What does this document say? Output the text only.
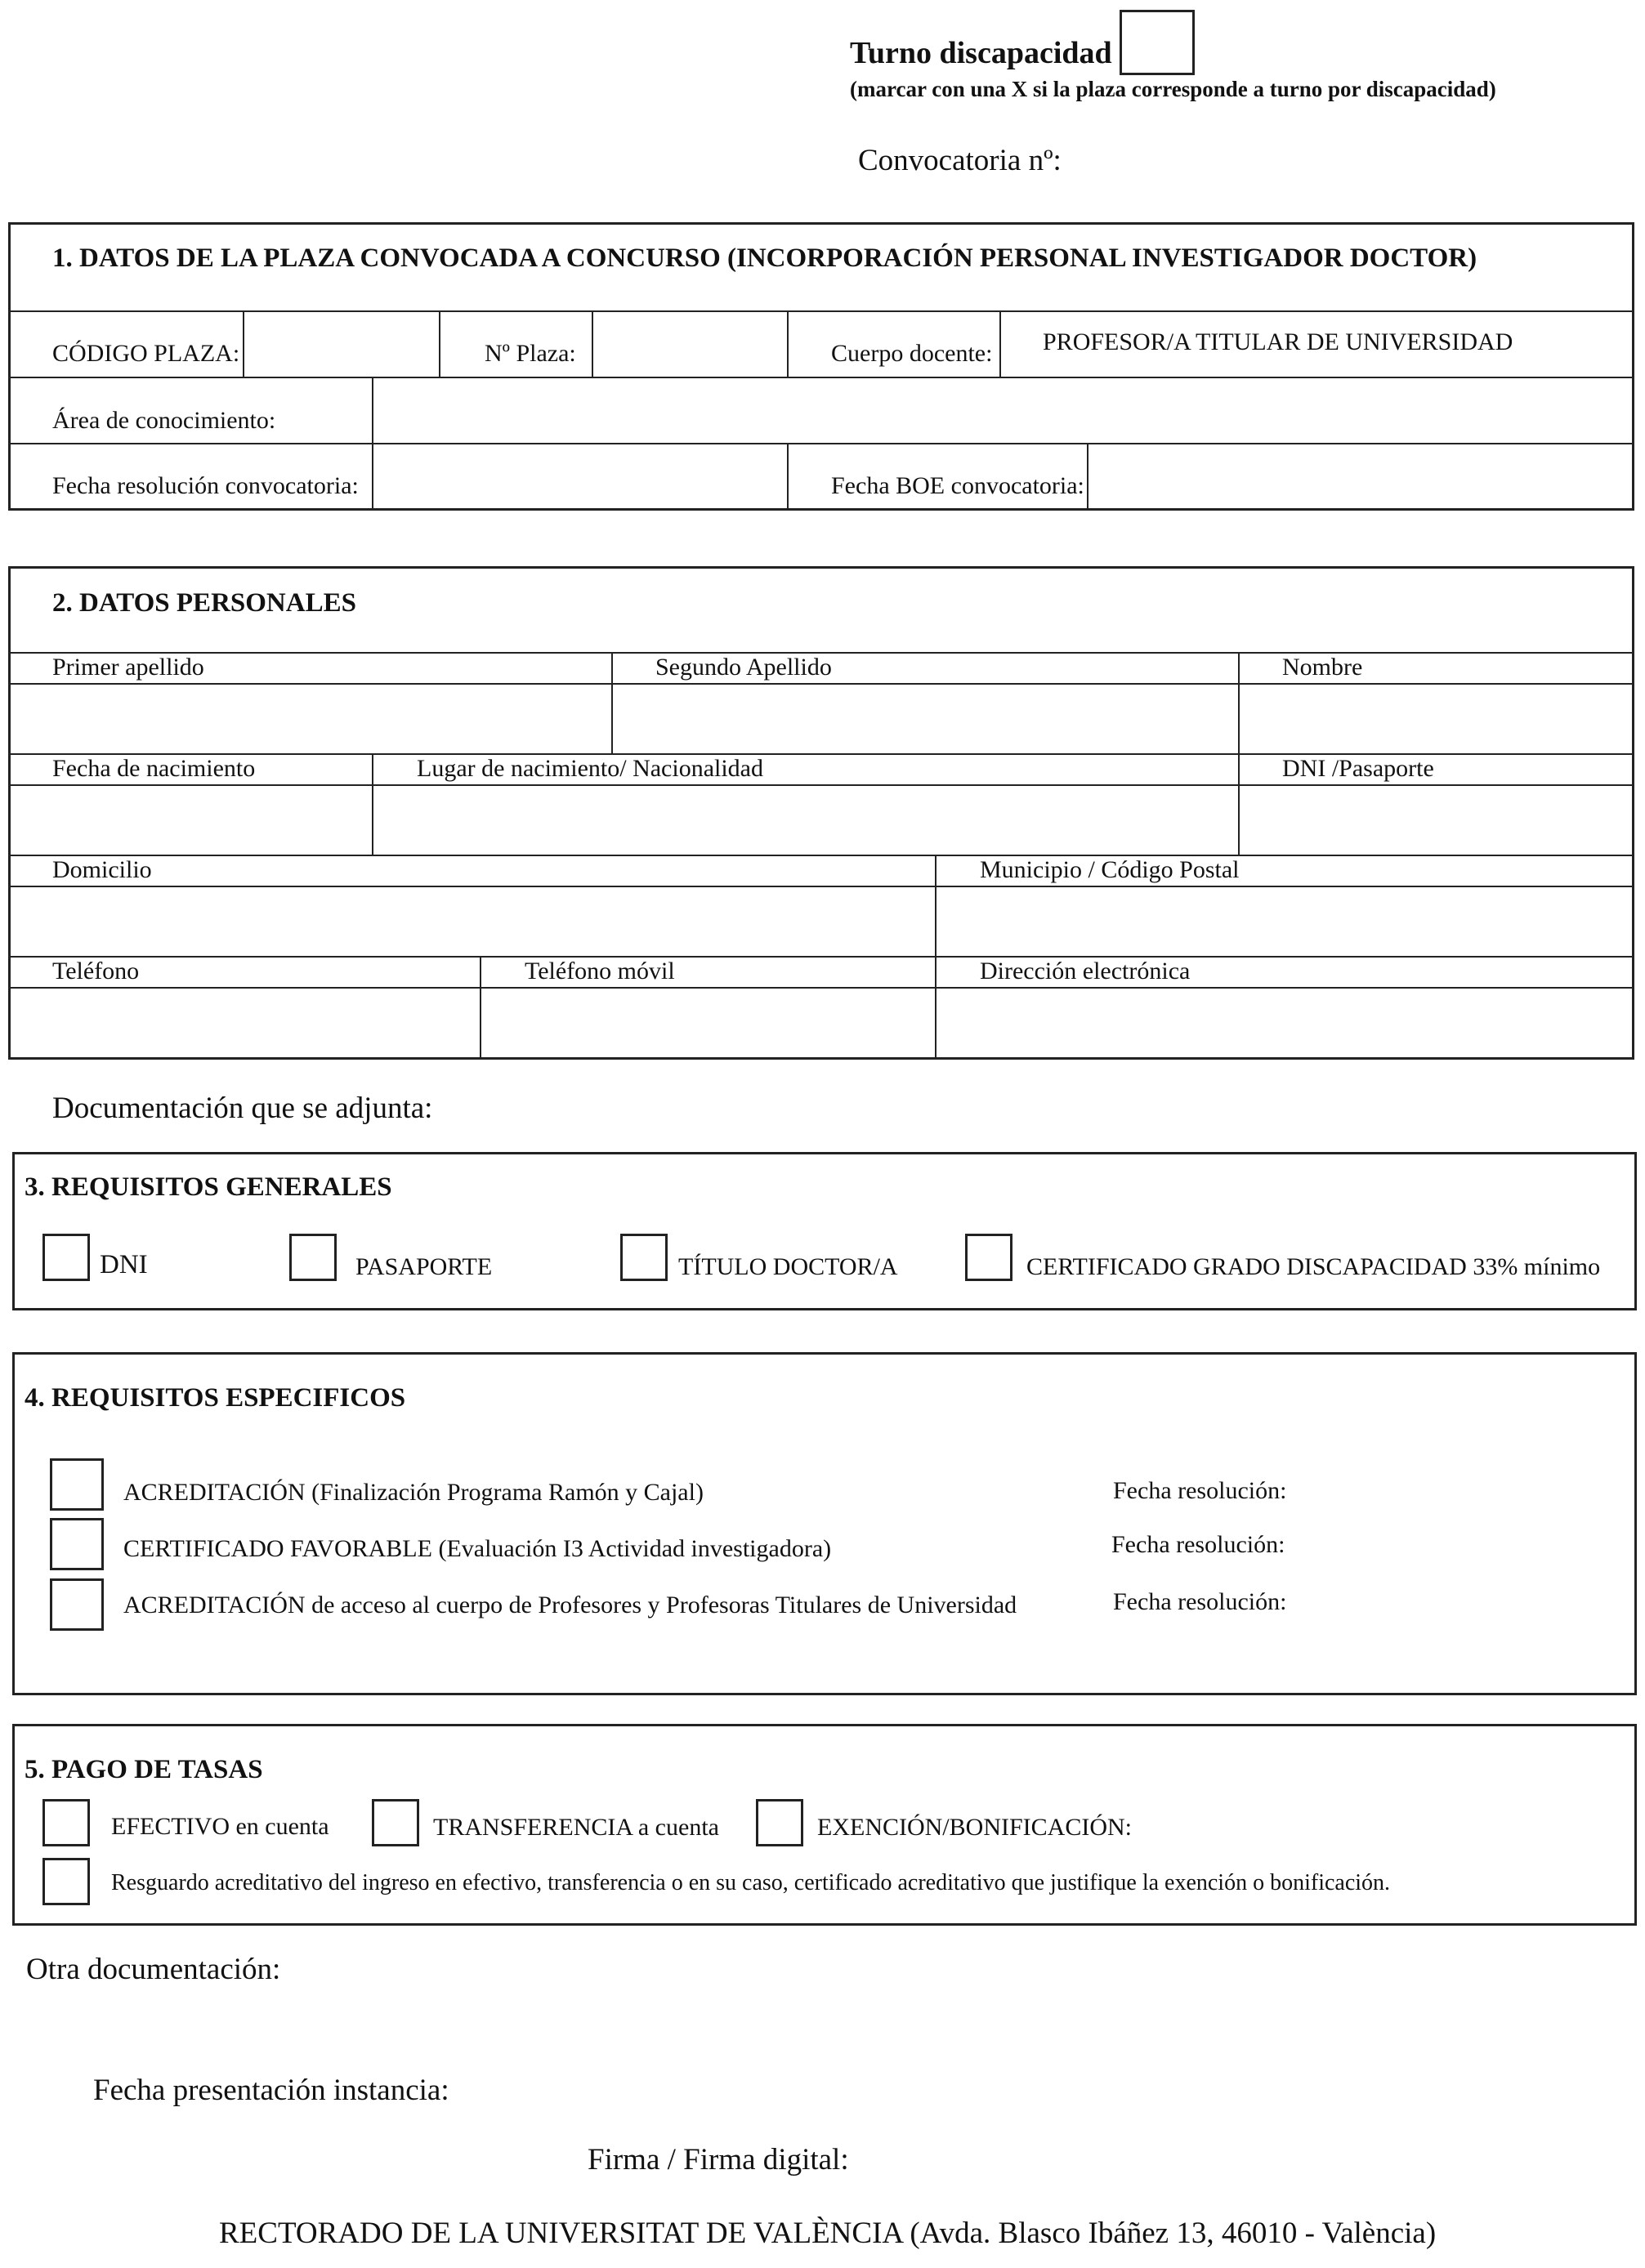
Turno discapacidad
(marcar con una X si la plaza corresponde a turno por discapacidad)
Convocatoria nº:
1. DATOS DE LA PLAZA CONVOCADA A CONCURSO (INCORPORACIÓN PERSONAL INVESTIGADOR DOCTOR)
CÓDIGO PLAZA:	Nº Plaza:	Cuerpo docente: PROFESOR/A TITULAR DE UNIVERSIDAD
Área de conocimiento:
Fecha resolución convocatoria:	Fecha BOE convocatoria:
2. DATOS PERSONALES
Primer apellido	Segundo Apellido	Nombre
Fecha de nacimiento	Lugar de nacimiento/ Nacionalidad	DNI /Pasaporte
Domicilio	Municipio / Código Postal
Teléfono	Teléfono móvil	Dirección electrónica
Documentación que se adjunta:
3. REQUISITOS GENERALES
DNI	PASAPORTE	TÍTULO DOCTOR/A	CERTIFICADO GRADO DISCAPACIDAD 33% mínimo
4. REQUISITOS ESPECIFICOS
ACREDITACIÓN (Finalización Programa Ramón y Cajal)	Fecha resolución:
CERTIFICADO FAVORABLE (Evaluación I3 Actividad investigadora)	Fecha resolución:
ACREDITACIÓN de acceso al cuerpo de Profesores y Profesoras Titulares de Universidad	Fecha resolución:
5. PAGO DE TASAS
EFECTIVO en cuenta	TRANSFERENCIA a cuenta	EXENCIÓN/BONIFICACIÓN:
Resguardo acreditativo del ingreso en efectivo, transferencia o en su caso, certificado acreditativo que justifique la exención o bonificación.
Otra documentación:
Fecha presentación instancia:
Firma / Firma digital:
RECTORADO DE LA UNIVERSITAT DE VALÈNCIA (Avda. Blasco Ibáñez 13, 46010 - València)
